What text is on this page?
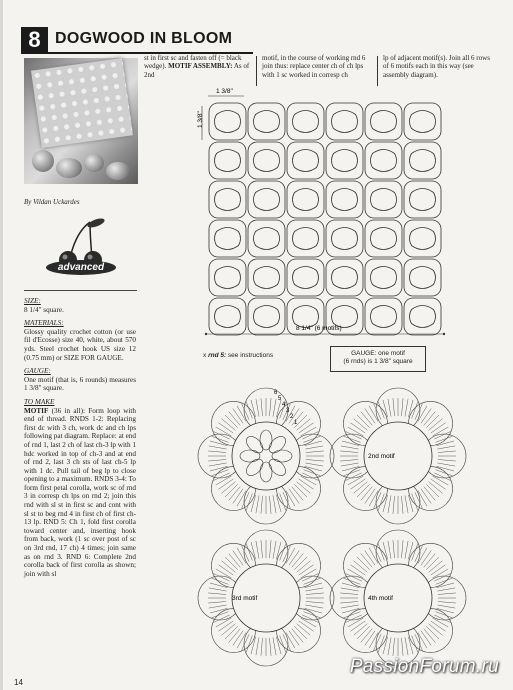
8 DOGWOOD IN BLOOM
By Vildan Uckardes
advanced

SIZE:

8 1/4" square.

MATERIALS:

Glossy quality crochet cotton (or use fil d'Ecosse) size 40, white, about 570 yds. Steel crochet hook US size 12 (0.75 mm) or SIZE FOR GAUGE.

GAUGE:

One motif (that is, 6 rounds) measures 1 3/8" square.

TO MAKE

MOTIF (36 in all): Form loop with end of thread. RNDS 1-2: Replacing first dc with 3 ch, work dc and ch lps following pat diagram. Replace: at end of rnd 1, last 2 ch of last ch-3 lp with 1 hdc worked in top of ch-3 and at end of rnd 2, last 3 ch sts of last ch-5 lp with 1 dc. Pull tail of beg lp to close opening to a maximum. RNDS 3-4: To form first petal corolla, work sc of rnd 3 in corresp ch lps on rnd 2; join this rnd with sl st in first sc and cont with sl st to beg rnd 4 in first ch of first ch-13 lp. RND 5: Ch 1, fold first corolla toward center and, inserting hook from back, work (1 sc over post of sc on 3rd rnd, 17 ch) 4 times; join same as on rnd 3. RND 6: Complete 2nd corolla back of first corolla as shown; join with sl

st in first sc and fasten off (= black wedge). MOTIF ASSEMBLY: As of 2nd
motif, in the course of working rnd 6 join thus: replace center ch of ch lps with 1 sc worked in corresp ch
lp of adjacent motif(s). Join all 6 rows of 6 motifs each in this way (see assembly diagram).
1 3/8"
1 3/8"
8 1/4" (6 motifs)
x rnd 5: see instructions	GAUGE: one motif
(6 rnds) is 1 3/8" square
6
5
4
3
2
1
2nd motif
3rd motif	4th motif
14
PassionForum.ru
